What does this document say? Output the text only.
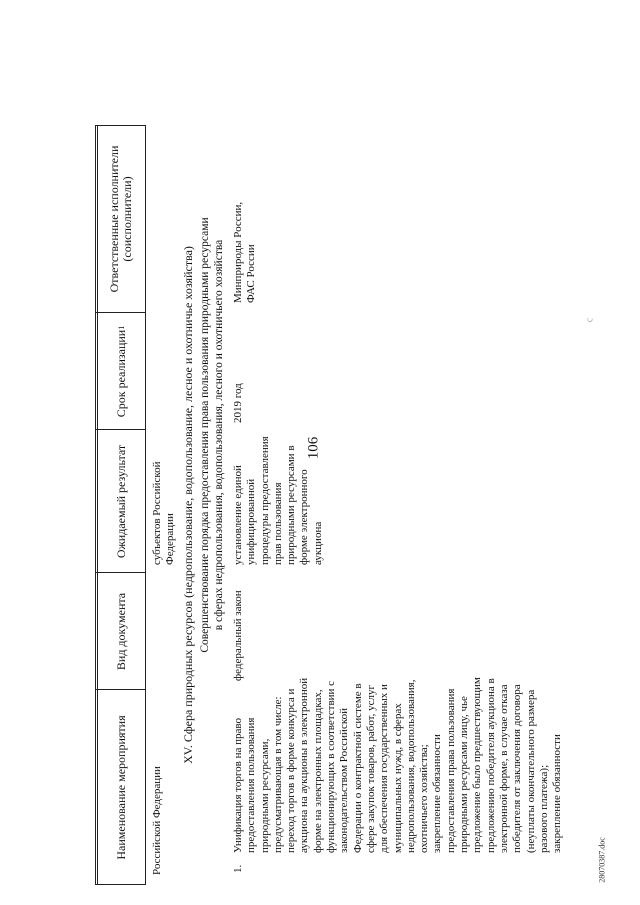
106
28070387.doc
c
Наименование мероприятия
Вид документа
Ожидаемый результат
Срок реализации
1
Ответственные исполнители
(соисполнители)
Российской Федерации
субъектов Российской
Федерации XV. Сфера природных ресурсов (недропользование, водопользование, лесное и охотничье хозяйства) Совершенствование порядка предоставления права пользования природными ресурсами
в сферах недропользования, водопользования, лесного и охотничьего хозяйства
1.
Унификация торгов на право
предоставления пользования
природными ресурсами,
предусматривающая в том числе:
переход торгов в форме конкурса и
аукциона на аукционы в электронной
форме на электронных площадках,
функционирующих в соответствии с
законодательством Российской
Федерации о контрактной системе в
сфере закупок товаров, работ, услуг
для обеспечения государственных и
муниципальных нужд, в сферах
недропользования, водопользования,
охотничьего хозяйства;
закрепление обязанности
предоставления права пользования
природными ресурсами лицу, чье
предложение было предшествующим
предложению победителя аукциона в
электронной форме, в случае отказа
победителя от заключения договора
(неуплаты окончательного размера
разового платежа);
закрепление обязанности
федеральный закон
установление единой
унифицированной
процедуры предоставления
прав пользования
природными ресурсами в
форме электронного
аукциона
2019 год
Минприроды России,
ФАС России
